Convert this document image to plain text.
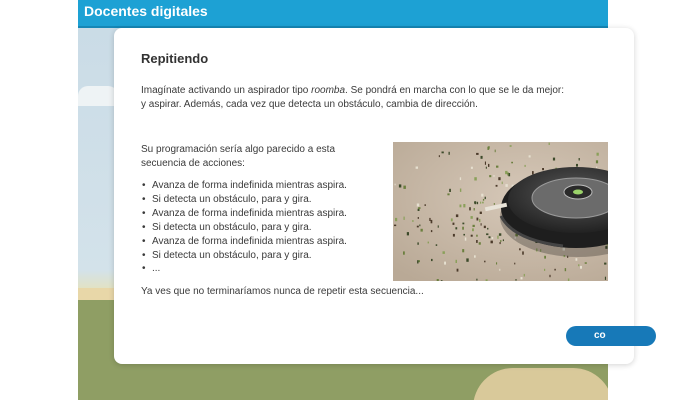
Docentes digitales
Repitiendo
Imagínate activando un aspirador tipo roomba. Se pondrá en marcha con lo que se le da mejor:
y aspirar. Además, cada vez que detecta un obstáculo, cambia de dirección.
Su programación sería algo parecido a esta secuencia de acciones:
• Avanza de forma indefinida mientras aspira.
• Si detecta un obstáculo, para y gira.
• Avanza de forma indefinida mientras aspira.
• Si detecta un obstáculo, para y gira.
• Avanza de forma indefinida mientras aspira.
• Si detecta un obstáculo, para y gira.
• ...
Ya ves que no terminaríamos nunca de repetir esta secuencia...
co
